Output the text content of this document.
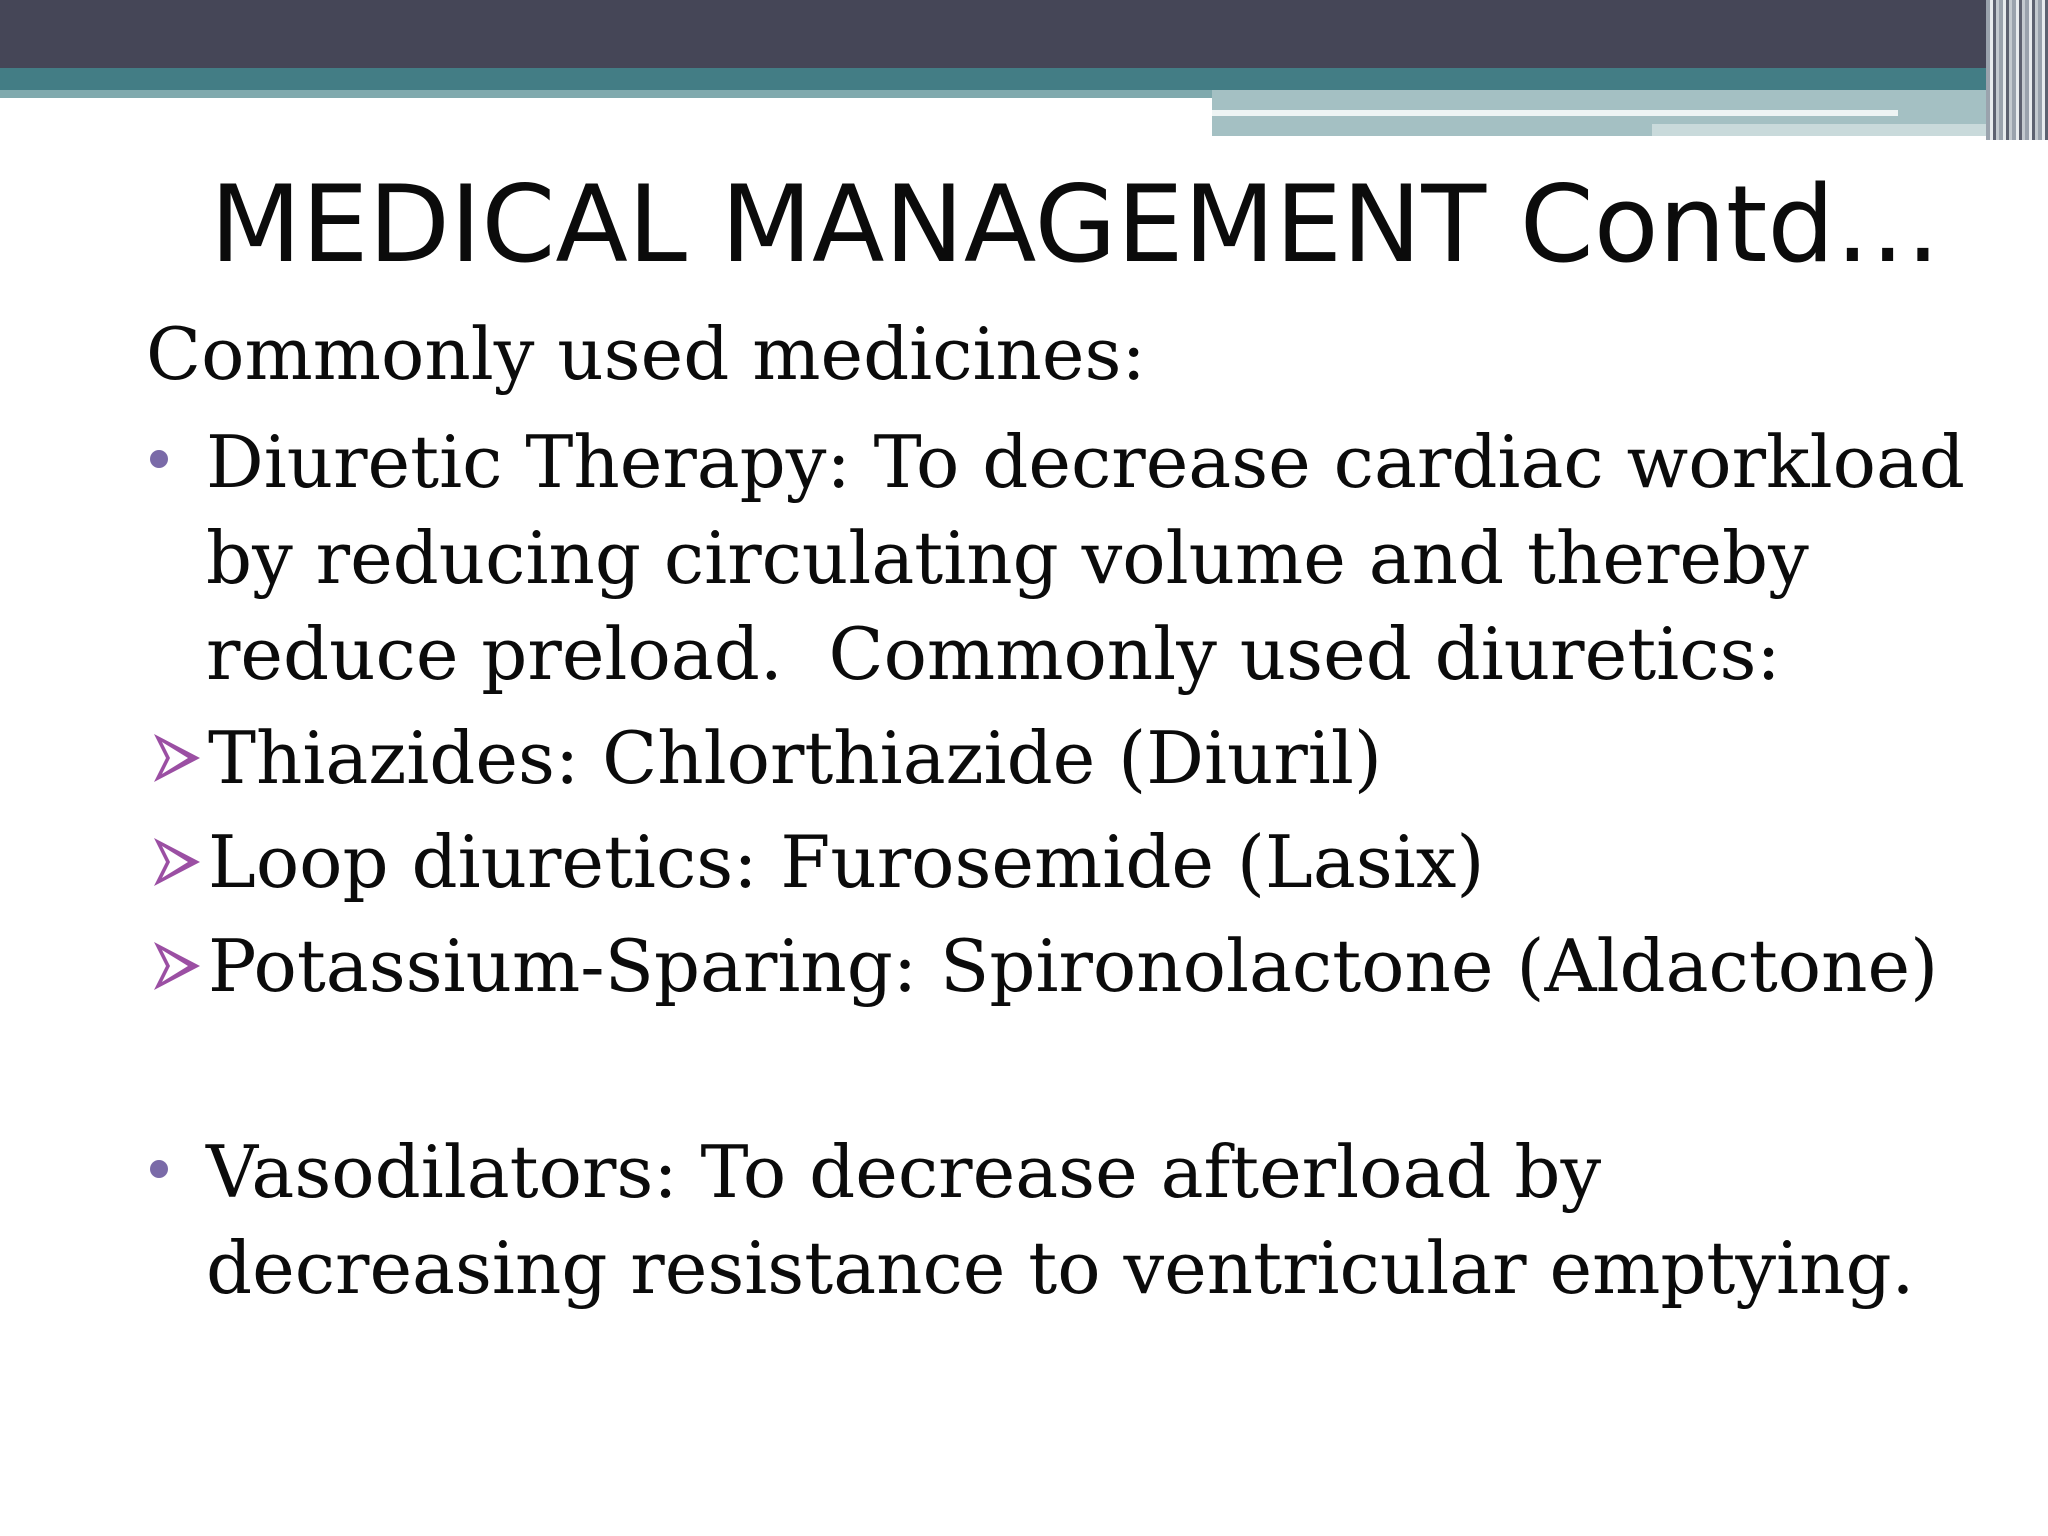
MEDICAL MANAGEMENT Contd…
Commonly used medicines:
Diuretic Therapy: To decrease cardiac workload
by reducing circulating volume and thereby
reduce preload.  Commonly used diuretics:
Thiazides: Chlorthiazide (Diuril)
Loop diuretics: Furosemide (Lasix)
Potassium-Sparing: Spironolactone (Aldactone)
Vasodilators: To decrease afterload by
decreasing resistance to ventricular emptying.
